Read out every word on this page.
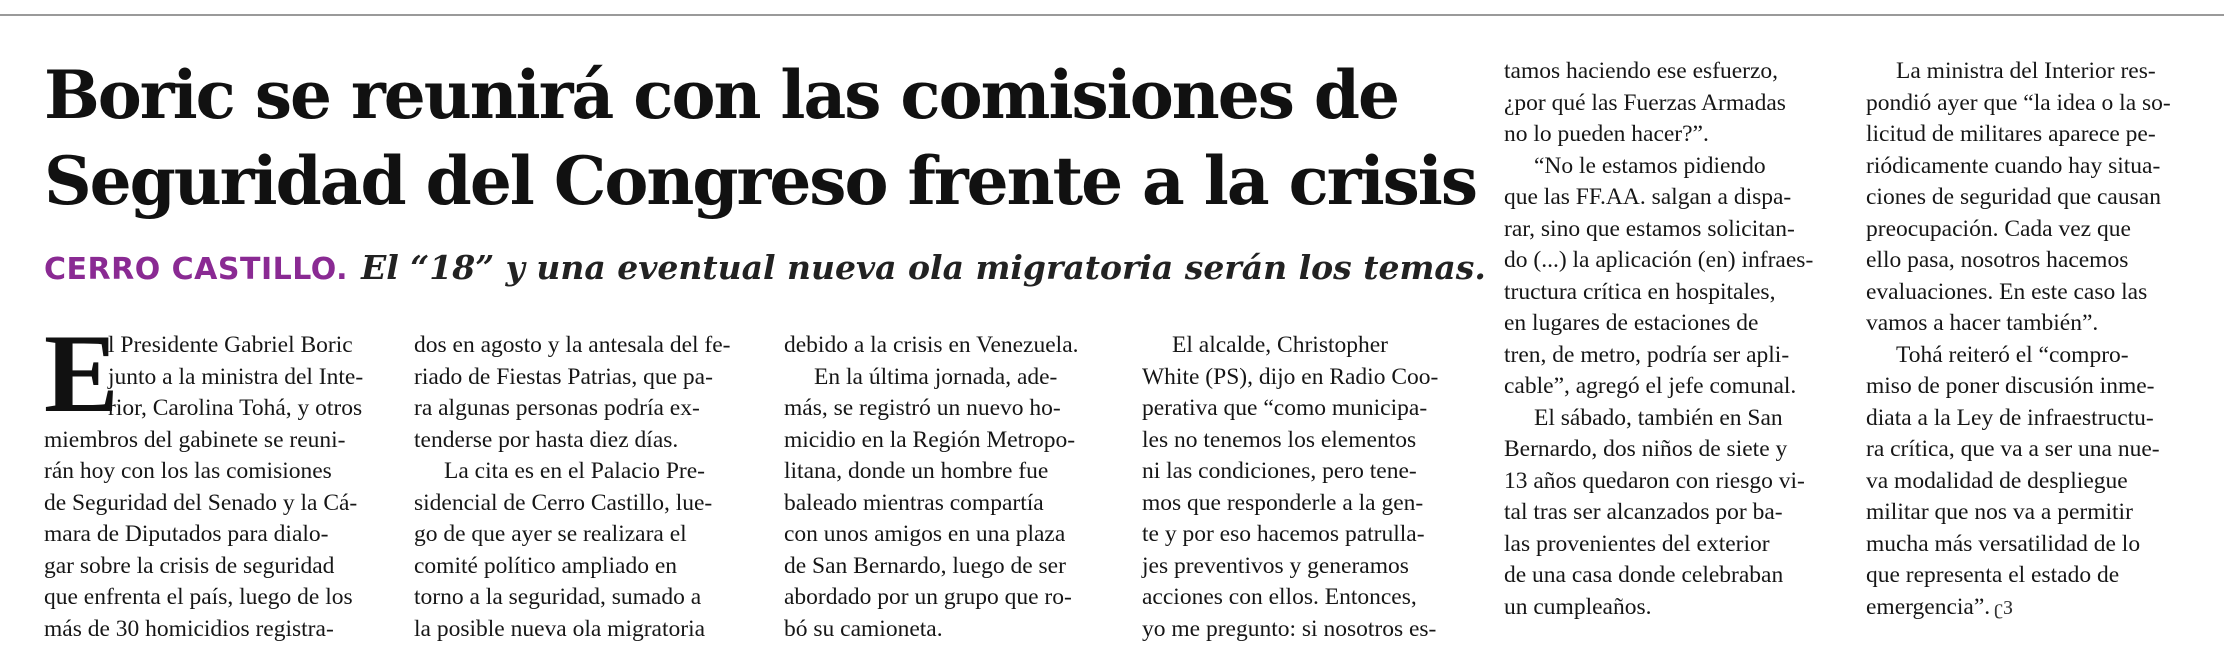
Boric se reunirá con las comisiones de
Seguridad del Congreso frente a la crisis
CERRO CASTILLO. El “18” y una eventual nueva ola migratoria serán los temas.
E
l Presidente Gabriel Boric
junto a la ministra del Inte-
rior, Carolina Tohá, y otros
miembros del gabinete se reuni-
rán hoy con los las comisiones
de Seguridad del Senado y la Cá-
mara de Diputados para dialo-
gar sobre la crisis de seguridad
que enfrenta el país, luego de los
más de 30 homicidios registra-
dos en agosto y la antesala del fe-
riado de Fiestas Patrias, que pa-
ra algunas personas podría ex-
tenderse por hasta diez días.
La cita es en el Palacio Pre-
sidencial de Cerro Castillo, lue-
go de que ayer se realizara el
comité político ampliado en
torno a la seguridad, sumado a
la posible nueva ola migratoria
debido a la crisis en Venezuela.
En la última jornada, ade-
más, se registró un nuevo ho-
micidio en la Región Metropo-
litana, donde un hombre fue
baleado mientras compartía
con unos amigos en una plaza
de San Bernardo, luego de ser
abordado por un grupo que ro-
bó su camioneta.
El alcalde, Christopher
White (PS), dijo en Radio Coo-
perativa que “como municipa-
les no tenemos los elementos
ni las condiciones, pero tene-
mos que responderle a la gen-
te y por eso hacemos patrulla-
jes preventivos y generamos
acciones con ellos. Entonces,
yo me pregunto: si nosotros es-
tamos haciendo ese esfuerzo,
¿por qué las Fuerzas Armadas
no lo pueden hacer?”.
“No le estamos pidiendo
que las FF.AA. salgan a dispa-
rar, sino que estamos solicitan-
do (...) la aplicación (en) infraes-
tructura crítica en hospitales,
en lugares de estaciones de
tren, de metro, podría ser apli-
cable”, agregó el jefe comunal.
El sábado, también en San
Bernardo, dos niños de siete y
13 años quedaron con riesgo vi-
tal tras ser alcanzados por ba-
las provenientes del exterior
de una casa donde celebraban
un cumpleaños.
La ministra del Interior res-
pondió ayer que “la idea o la so-
licitud de militares aparece pe-
riódicamente cuando hay situa-
ciones de seguridad que causan
preocupación. Cada vez que
ello pasa, nosotros hacemos
evaluaciones. En este caso las
vamos a hacer también”.
Tohá reiteró el “compro-
miso de poner discusión inme-
diata a la Ley de infraestructu-
ra crítica, que va a ser una nue-
va modalidad de despliegue
militar que nos va a permitir
mucha más versatilidad de lo
que representa el estado de
emergencia”. ʗЗ
